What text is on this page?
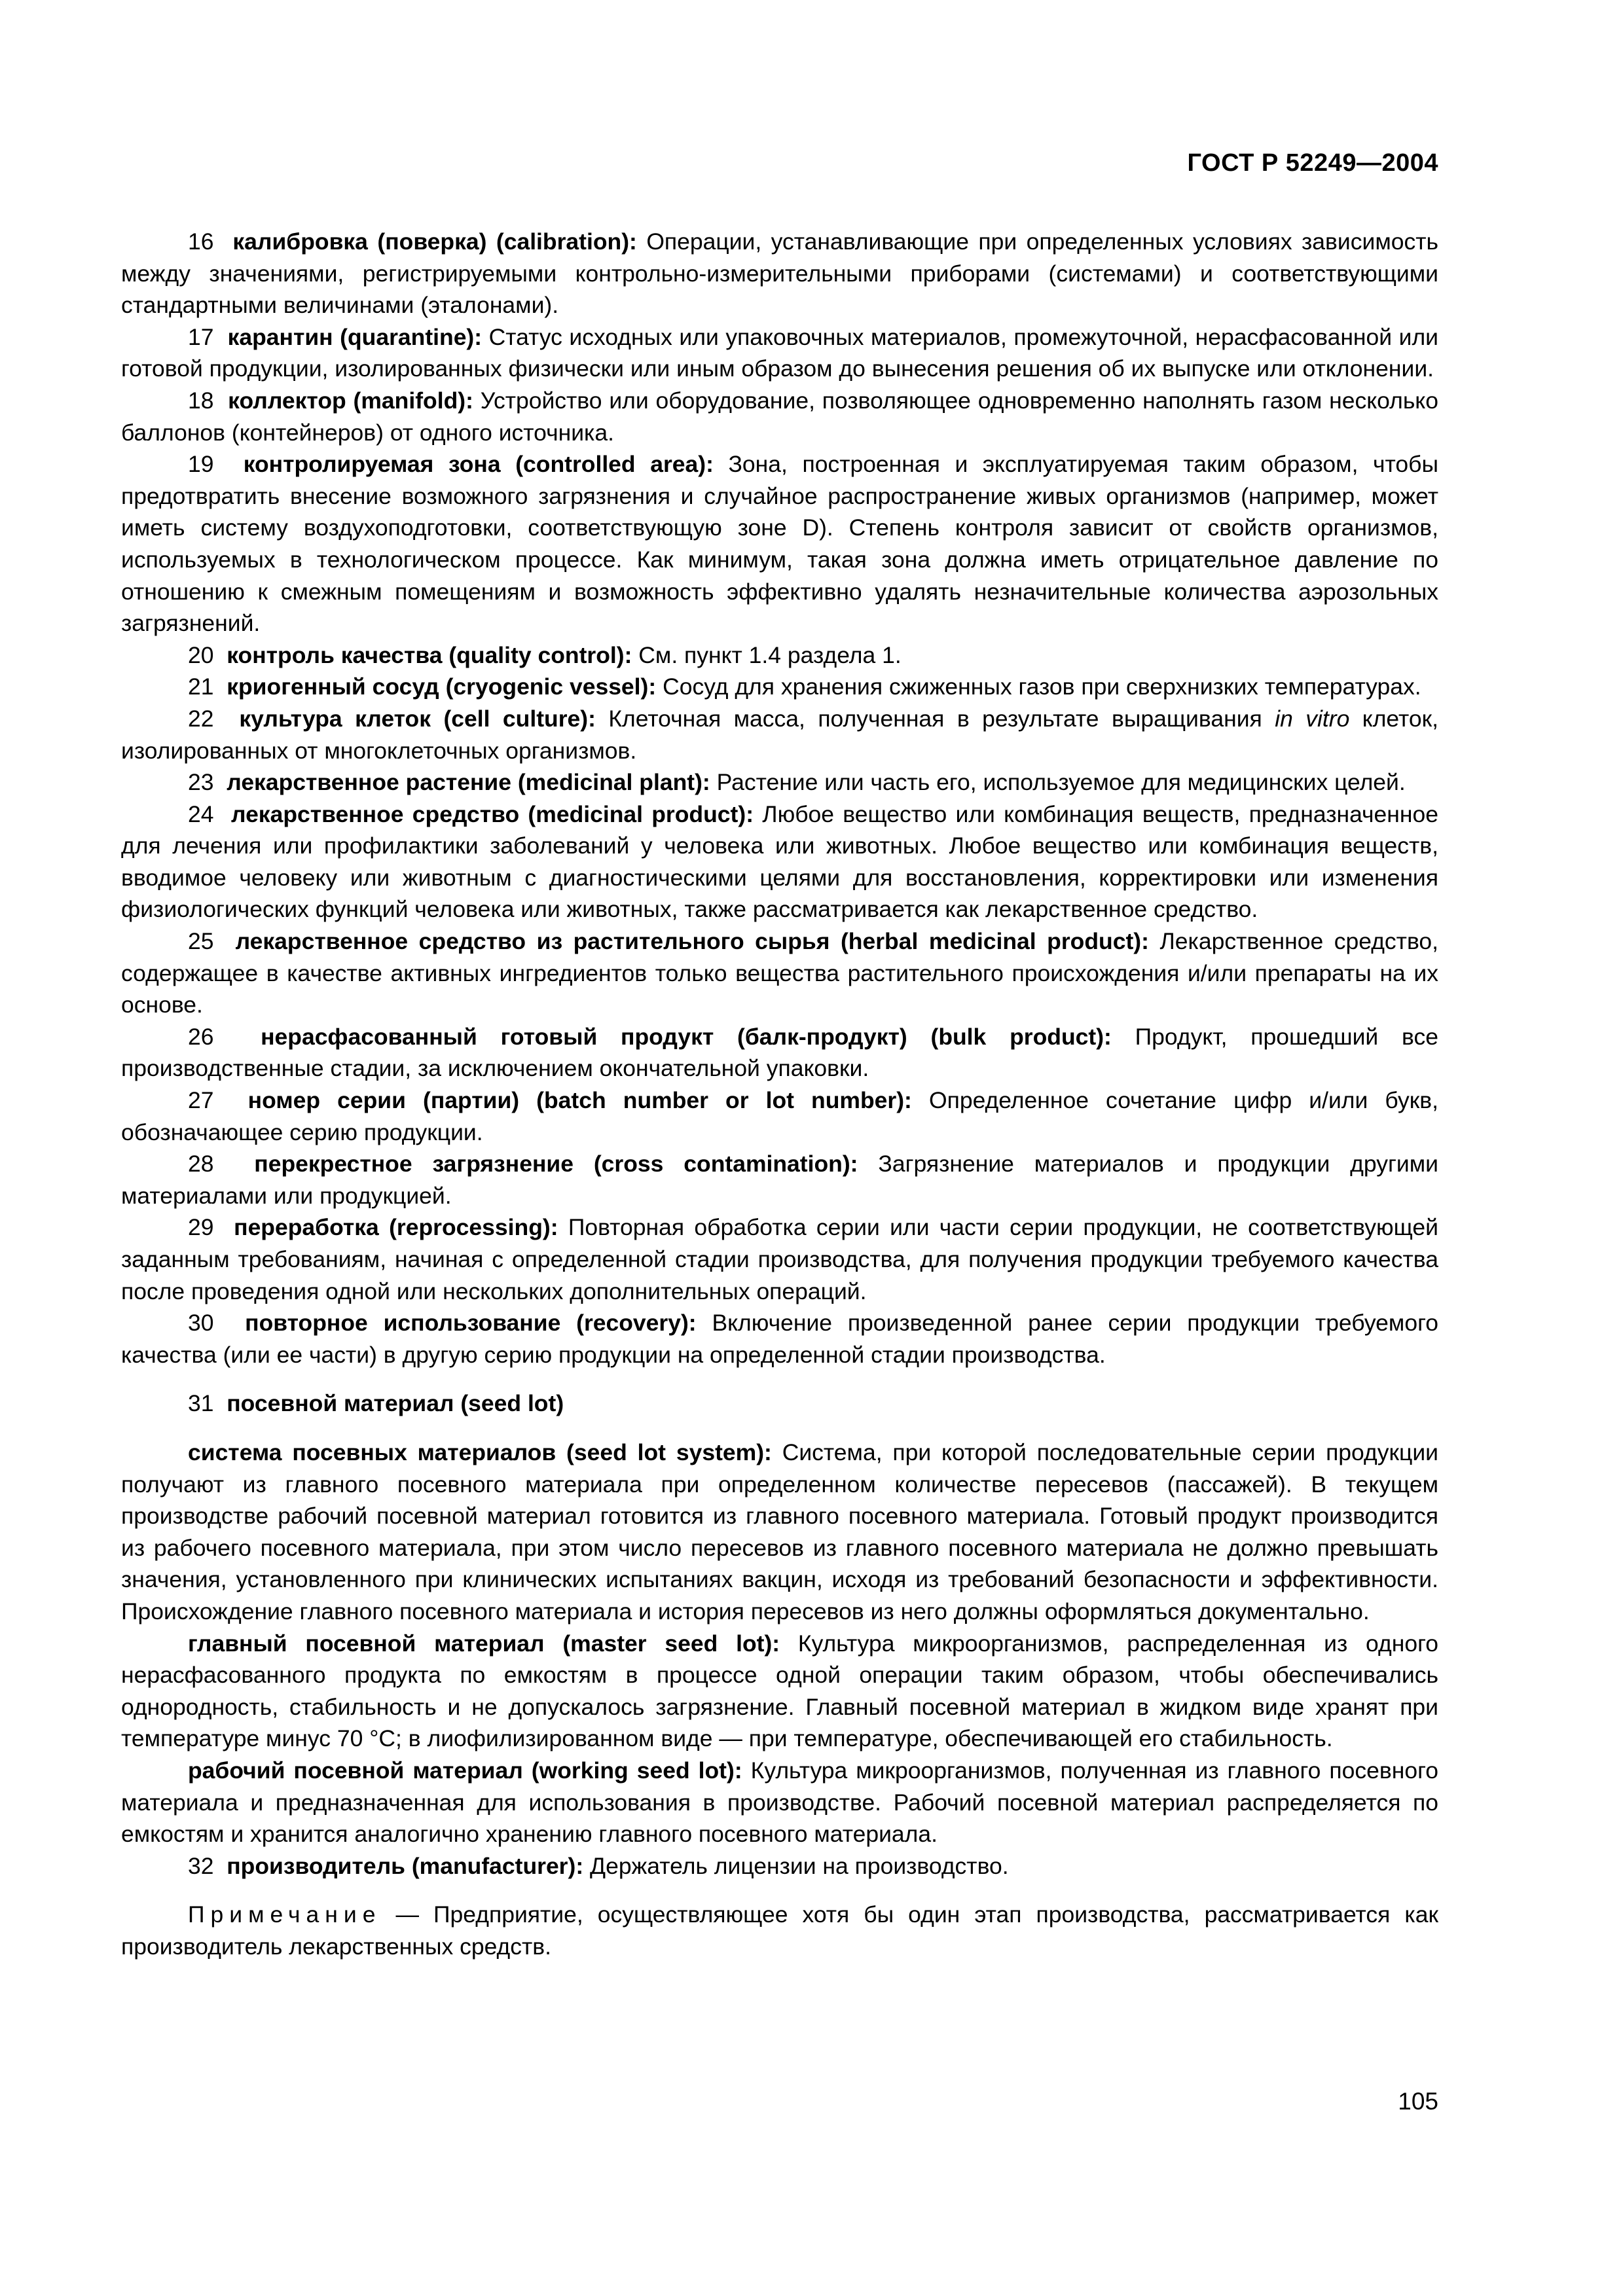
ГОСТ Р 52249—2004

16 калибровка (поверка) (calibration): Операции, устанавливающие при определенных условиях зависимость между значениями, регистрируемыми контрольно-измерительными приборами (системами) и соответствующими стандартными величинами (эталонами).

17 карантин (quarantine): Статус исходных или упаковочных материалов, промежуточной, нерасфасованной или готовой продукции, изолированных физически или иным образом до вынесения решения об их выпуске или отклонении.

18 коллектор (manifold): Устройство или оборудование, позволяющее одновременно наполнять газом несколько баллонов (контейнеров) от одного источника.

19 контролируемая зона (controlled area): Зона, построенная и эксплуатируемая таким образом, чтобы предотвратить внесение возможного загрязнения и случайное распространение живых организмов (например, может иметь систему воздухоподготовки, соответствующую зоне D). Степень контроля зависит от свойств организмов, используемых в технологическом процессе. Как минимум, такая зона должна иметь отрицательное давление по отношению к смежным помещениям и возможность эффективно удалять незначительные количества аэрозольных загрязнений.

20 контроль качества (quality control): См. пункт 1.4 раздела 1.

21 криогенный сосуд (cryogenic vessel): Сосуд для хранения сжиженных газов при сверхнизких температурах.

22 культура клеток (cell culture): Клеточная масса, полученная в результате выращивания in vitro клеток, изолированных от многоклеточных организмов.

23 лекарственное растение (medicinal plant): Растение или часть его, используемое для медицинских целей.

24 лекарственное средство (medicinal product): Любое вещество или комбинация веществ, предназначенное для лечения или профилактики заболеваний у человека или животных. Любое вещество или комбинация веществ, вводимое человеку или животным с диагностическими целями для восстановления, корректировки или изменения физиологических функций человека или животных, также рассматривается как лекарственное средство.

25 лекарственное средство из растительного сырья (herbal medicinal product): Лекарственное средство, содержащее в качестве активных ингредиентов только вещества растительного происхождения и/или препараты на их основе.

26 нерасфасованный готовый продукт (балк-продукт) (bulk product): Продукт, прошедший все производственные стадии, за исключением окончательной упаковки.

27 номер серии (партии) (batch number or lot number): Определенное сочетание цифр и/или букв, обозначающее серию продукции.

28 перекрестное загрязнение (cross contamination): Загрязнение материалов и продукции другими материалами или продукцией.

29 переработка (reprocessing): Повторная обработка серии или части серии продукции, не соответствующей заданным требованиям, начиная с определенной стадии производства, для получения продукции требуемого качества после проведения одной или нескольких дополнительных операций.

30 повторное использование (recovery): Включение произведенной ранее серии продукции требуемого качества (или ее части) в другую серию продукции на определенной стадии производства.

31 посевной материал (seed lot)

система посевных материалов (seed lot system): Система, при которой последовательные серии продукции получают из главного посевного материала при определенном количестве пересевов (пассажей). В текущем производстве рабочий посевной материал готовится из главного посевного материала. Готовый продукт производится из рабочего посевного материала, при этом число пересевов из главного посевного материала не должно превышать значения, установленного при клинических испытаниях вакцин, исходя из требований безопасности и эффективности. Происхождение главного посевного материала и история пересевов из него должны оформляться документально.

главный посевной материал (master seed lot): Культура микроорганизмов, распределенная из одного нерасфасованного продукта по емкостям в процессе одной операции таким образом, чтобы обеспечивались однородность, стабильность и не допускалось загрязнение. Главный посевной материал в жидком виде хранят при температуре минус 70 °С; в лиофилизированном виде — при температуре, обеспечивающей его стабильность.

рабочий посевной материал (working seed lot): Культура микроорганизмов, полученная из главного посевного материала и предназначенная для использования в производстве. Рабочий посевной материал распределяется по емкостям и хранится аналогично хранению главного посевного материала.

32 производитель (manufacturer): Держатель лицензии на производство.

Примечание — Предприятие, осуществляющее хотя бы один этап производства, рассматривается как производитель лекарственных средств.

105
